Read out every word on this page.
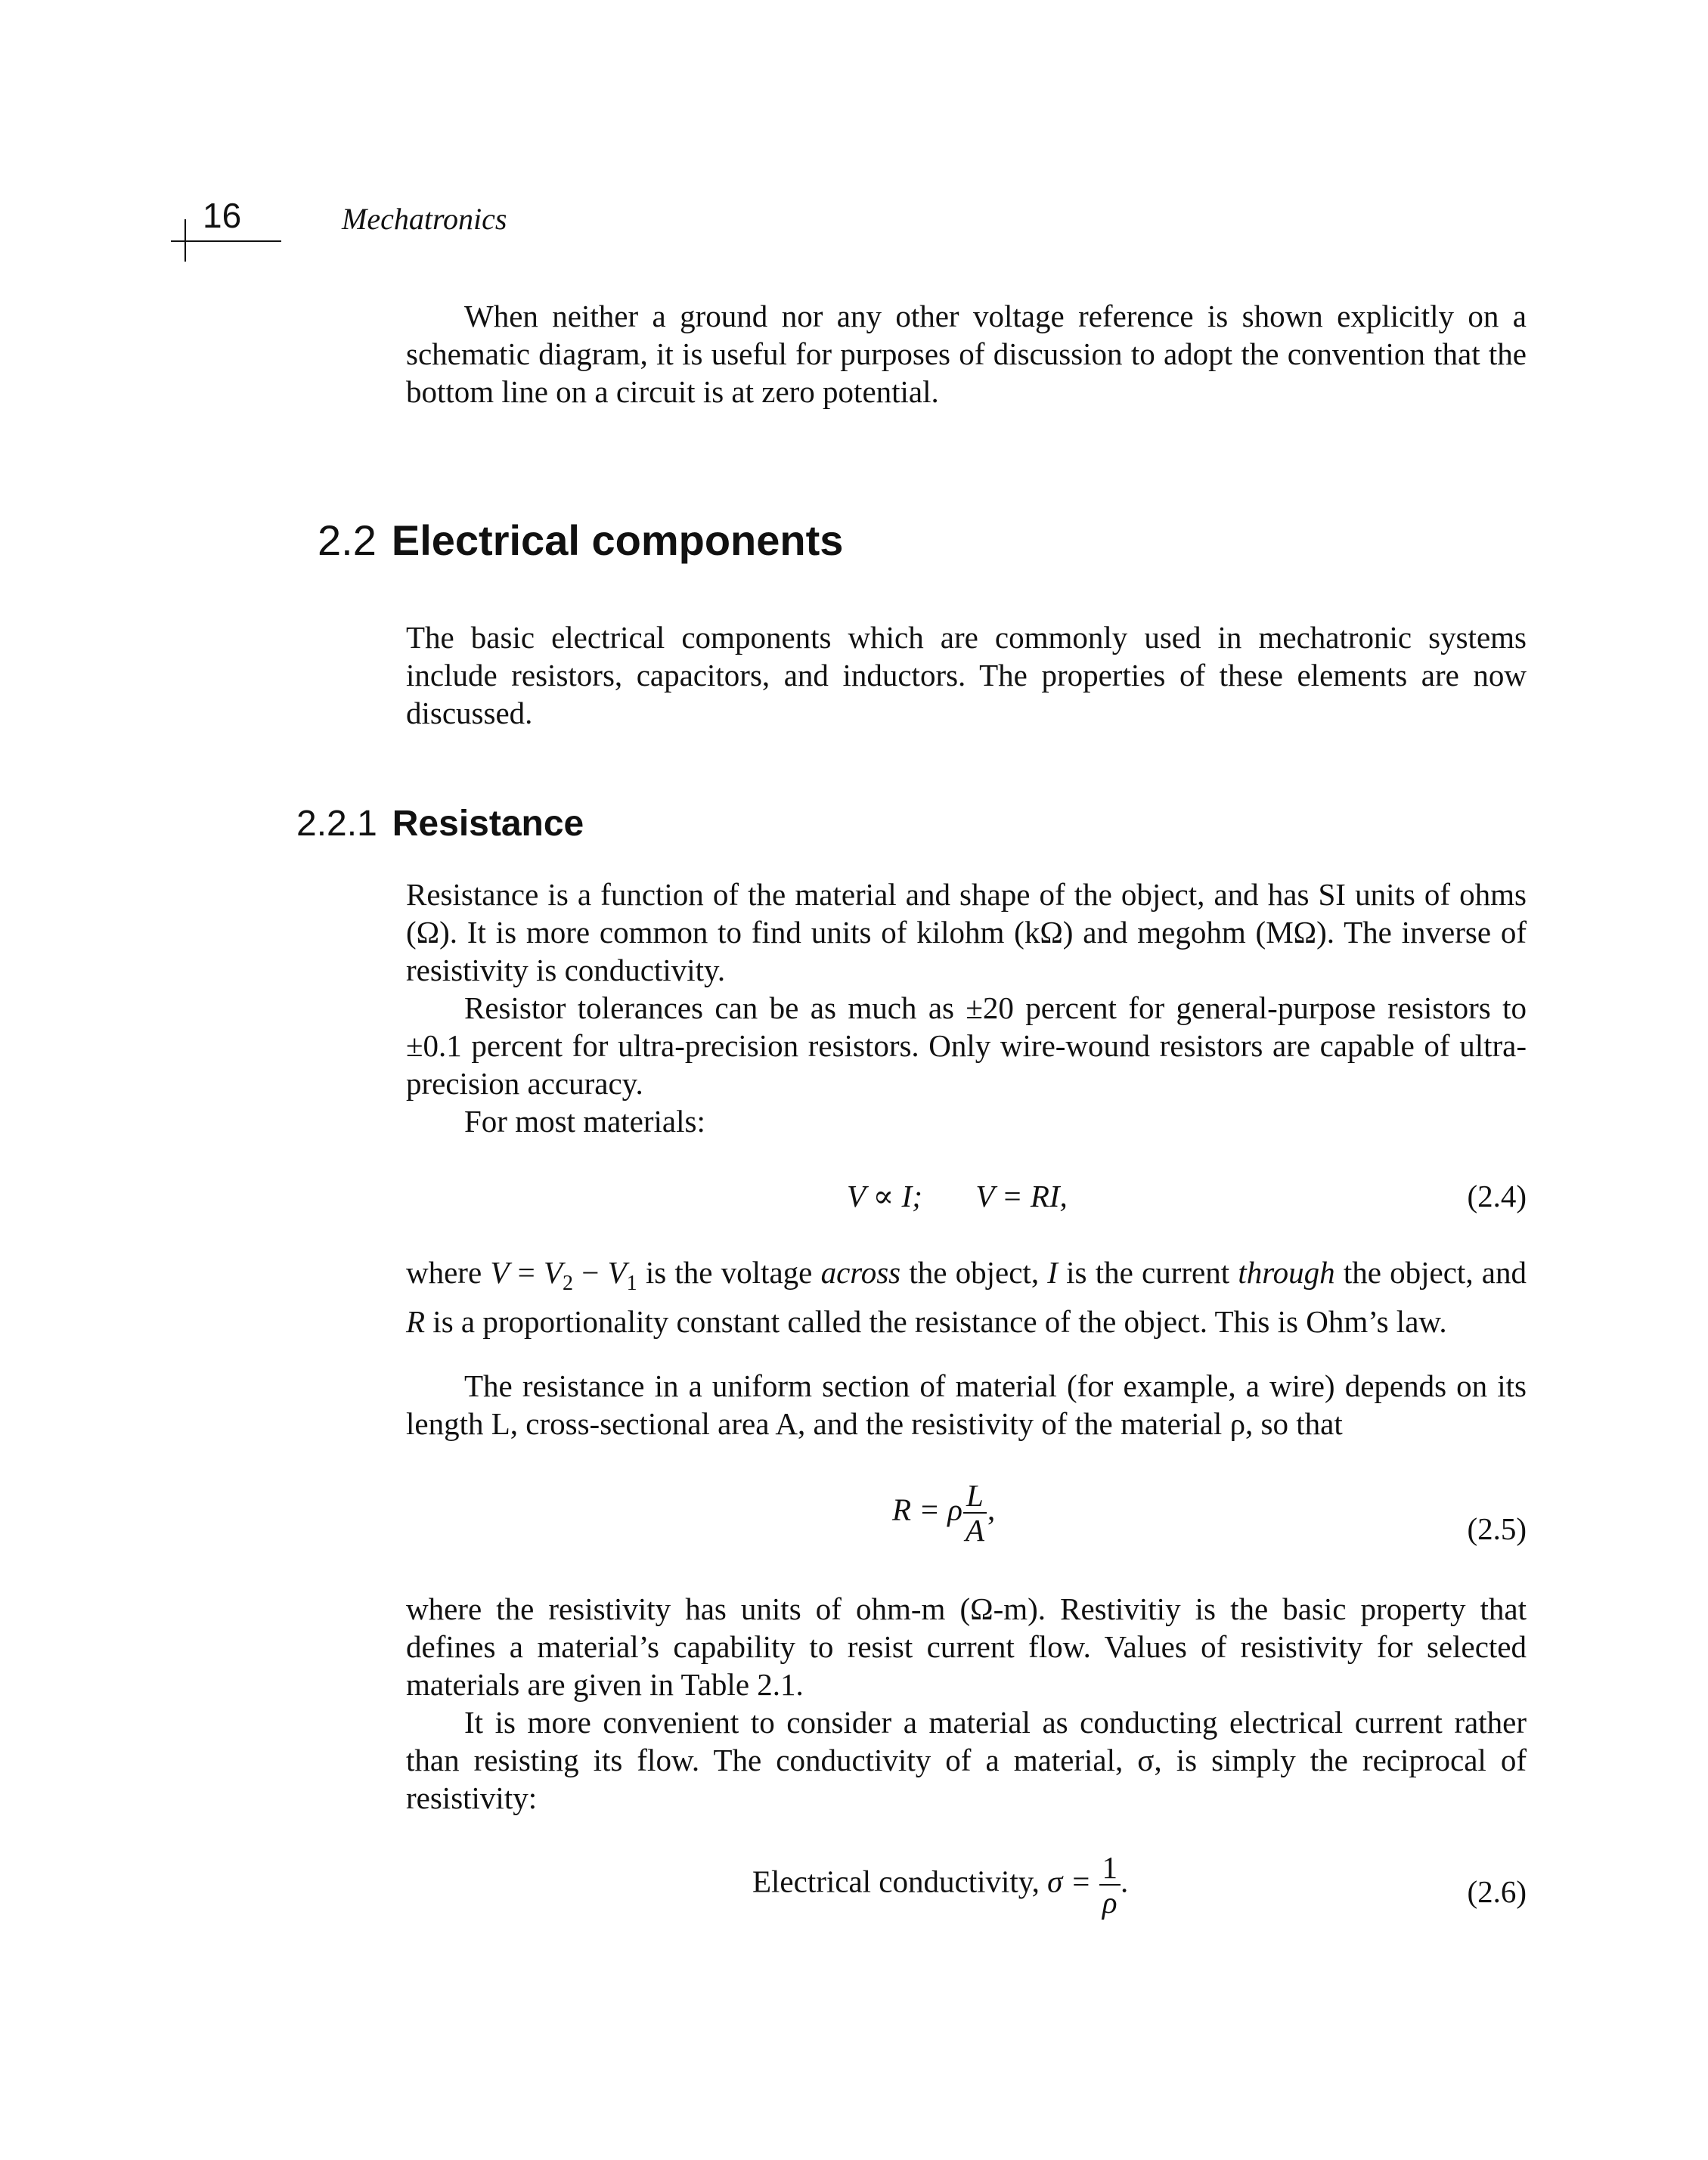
16	Mechatronics

When neither a ground nor any other voltage reference is shown explicitly on a schematic diagram, it is useful for purposes of discussion to adopt the convention that the bottom line on a circuit is at zero potential.

2.2 Electrical components

The basic electrical components which are commonly used in mechatronic systems include resistors, capacitors, and inductors. The properties of these elements are now discussed.

2.2.1 Resistance

Resistance is a function of the material and shape of the object, and has SI units of ohms (Ω). It is more common to find units of kilohm (kΩ) and megohm (MΩ). The inverse of resistivity is conductivity.

Resistor tolerances can be as much as ±20 percent for general-purpose resistors to ±0.1 percent for ultra-precision resistors. Only wire-wound resistors are capable of ultra-precision accuracy.

For most materials:

V ∝ I; V = RI,	(2.4)

where $V = V_2 - V_1$ is the voltage across the object, I is the current through the object, and R is a proportionality constant called the resistance of the object. This is Ohm’s law.

The resistance in a uniform section of material (for example, a wire) depends on its length L, cross-sectional area A, and the resistivity of the material ρ, so that

R = ρ $\frac{L}{A}$ ,
(2.5)

where the resistivity has units of ohm-m (Ω-m). Restivitiy is the basic property that defines a material’s capability to resist current flow. Values of resistivity for selected materials are given in Table 2.1.

It is more convenient to consider a material as conducting electrical current rather than resisting its flow. The conductivity of a material, σ, is simply the reciprocal of resistivity:

Electrical conductivity, $\sigma = \frac{1}{\rho}$ .	(2.6)
